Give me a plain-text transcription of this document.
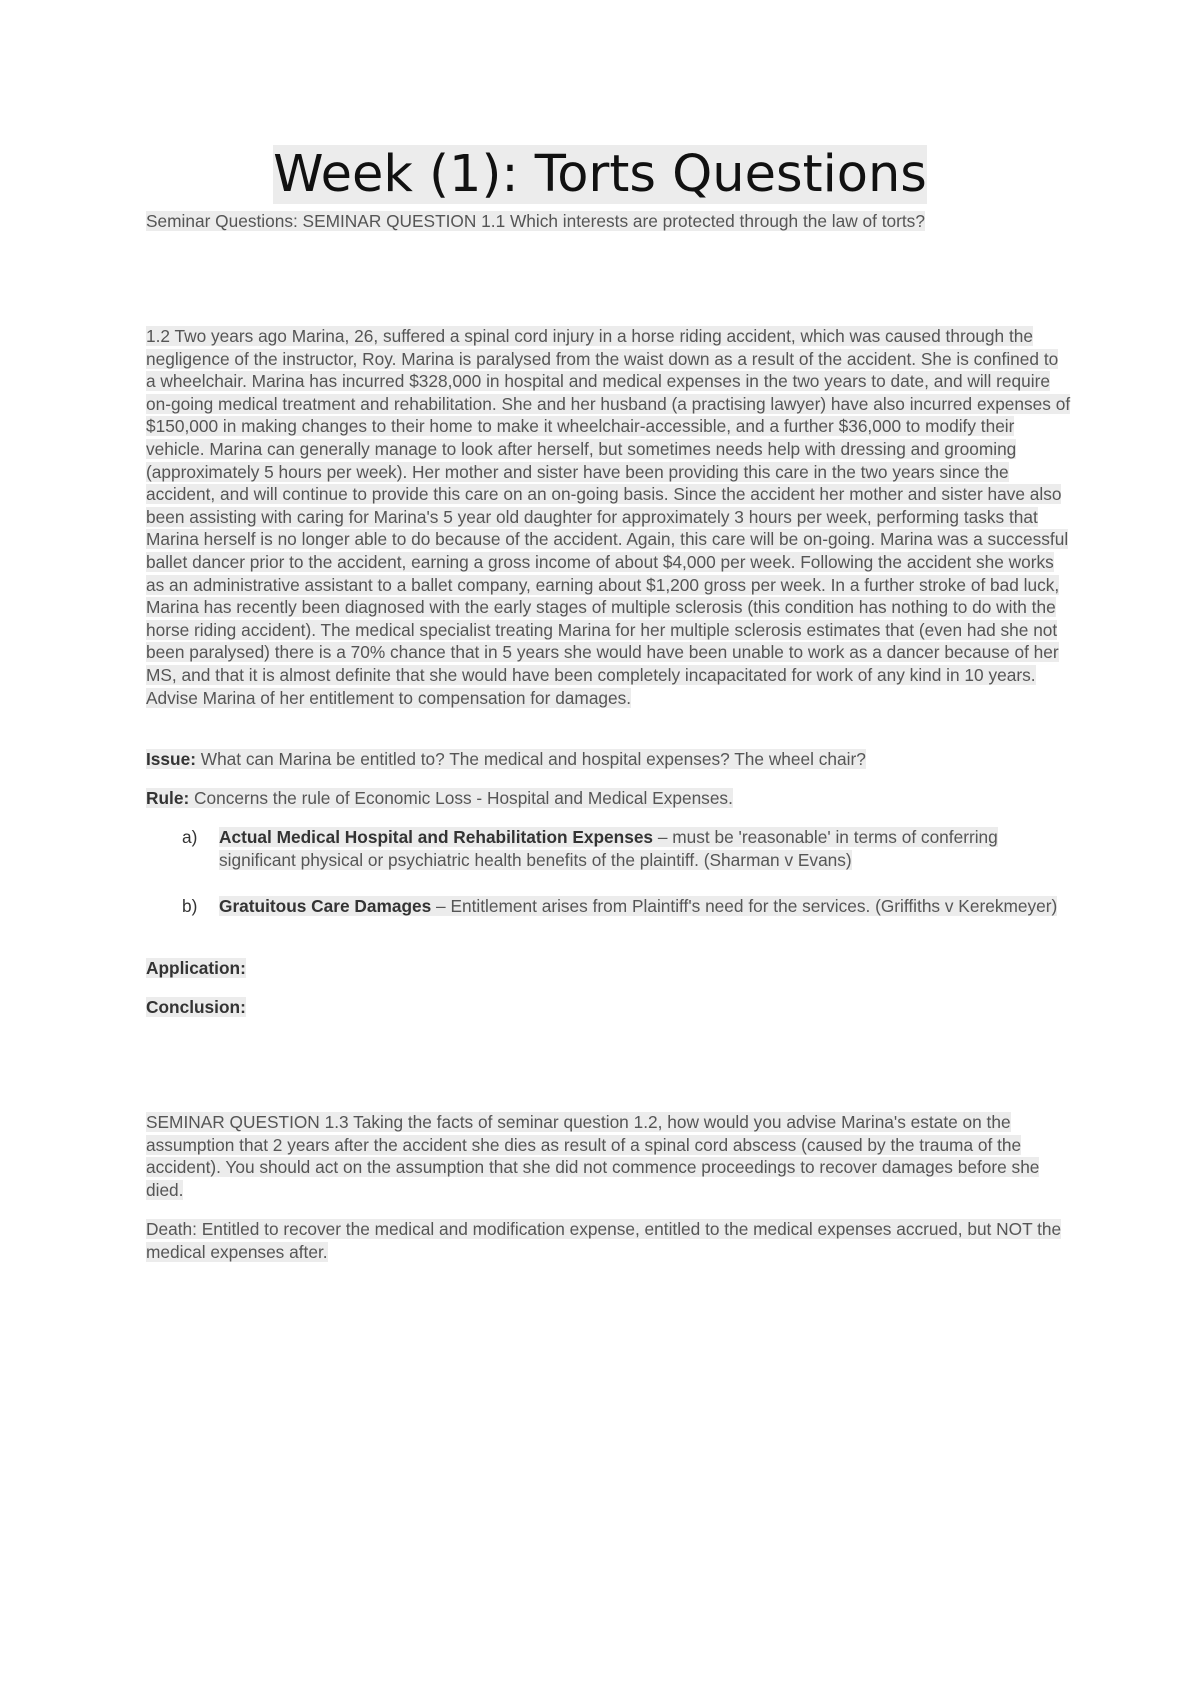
Week (1): Torts Questions

Seminar Questions: SEMINAR QUESTION 1.1 Which interests are protected through the law of torts?

1.2 Two years ago Marina, 26, suffered a spinal cord injury in a horse riding accident, which was caused through the negligence of the instructor, Roy. Marina is paralysed from the waist down as a result of the accident. She is confined to a wheelchair. Marina has incurred $328,000 in hospital and medical expenses in the two years to date, and will require on-going medical treatment and rehabilitation. She and her husband (a practising lawyer) have also incurred expenses of $150,000 in making changes to their home to make it wheelchair-accessible, and a further $36,000 to modify their vehicle. Marina can generally manage to look after herself, but sometimes needs help with dressing and grooming (approximately 5 hours per week). Her mother and sister have been providing this care in the two years since the accident, and will continue to provide this care on an on-going basis. Since the accident her mother and sister have also been assisting with caring for Marina's 5 year old daughter for approximately 3 hours per week, performing tasks that Marina herself is no longer able to do because of the accident. Again, this care will be on-going. Marina was a successful ballet dancer prior to the accident, earning a gross income of about $4,000 per week. Following the accident she works as an administrative assistant to a ballet company, earning about $1,200 gross per week. In a further stroke of bad luck, Marina has recently been diagnosed with the early stages of multiple sclerosis (this condition has nothing to do with the horse riding accident). The medical specialist treating Marina for her multiple sclerosis estimates that (even had she not been paralysed) there is a 70% chance that in 5 years she would have been unable to work as a dancer because of her MS, and that it is almost definite that she would have been completely incapacitated for work of any kind in 10 years. Advise Marina of her entitlement to compensation for damages.

Issue: What can Marina be entitled to? The medical and hospital expenses? The wheel chair?

Rule: Concerns the rule of Economic Loss - Hospital and Medical Expenses.

a) Actual Medical Hospital and Rehabilitation Expenses – must be 'reasonable' in terms of conferring significant physical or psychiatric health benefits of the plaintiff. (Sharman v Evans)
b) Gratuitous Care Damages – Entitlement arises from Plaintiff's need for the services. (Griffiths v Kerekmeyer)

Application:

Conclusion:

SEMINAR QUESTION 1.3 Taking the facts of seminar question 1.2, how would you advise Marina's estate on the assumption that 2 years after the accident she dies as result of a spinal cord abscess (caused by the trauma of the accident). You should act on the assumption that she did not commence proceedings to recover damages before she died.

Death: Entitled to recover the medical and modification expense, entitled to the medical expenses accrued, but NOT the medical expenses after.
